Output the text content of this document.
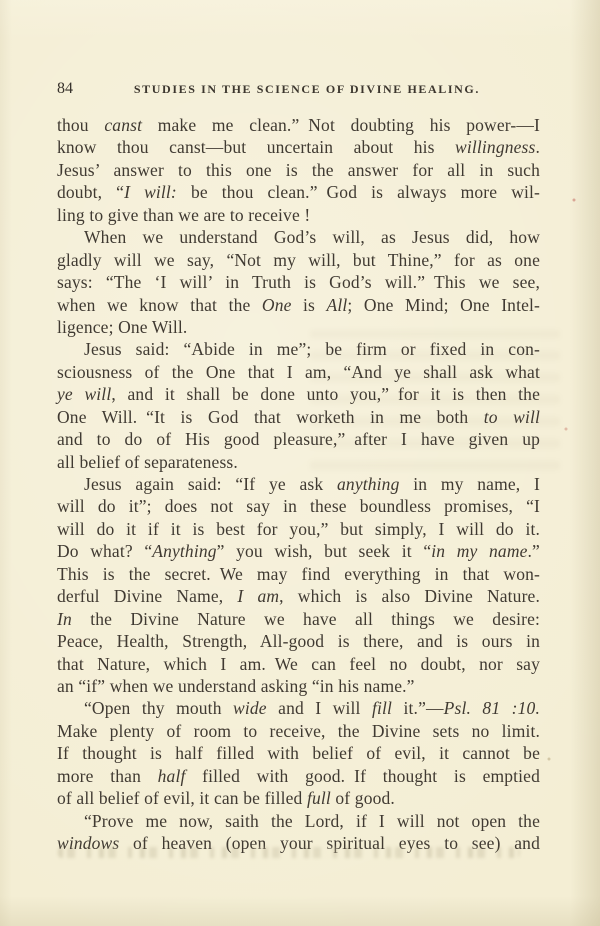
84	STUDIES IN THE SCIENCE OF DIVINE HEALING.
thou canst make me clean.” Not doubting his power-—I
know thou canst—but uncertain about his willingness.
Jesus’ answer to this one is the answer for all in such
doubt, “I will: be thou clean.” God is always more wil-
ling to give than we are to receive !
When we understand God’s will, as Jesus did, how
gladly will we say, “Not my will, but Thine,” for as one
says: “The ‘I will’ in Truth is God’s will.” This we see,
when we know that the One is All; One Mind; One Intel-
ligence; One Will.
Jesus said: “Abide in me”; be firm or fixed in con-
sciousness of the One that I am, “And ye shall ask what
ye will, and it shall be done unto you,” for it is then the
One Will. “It is God that worketh in me both to will
and to do of His good pleasure,” after I have given up
all belief of separateness.
Jesus again said: “If ye ask anything in my name, I
will do it”; does not say in these boundless promises, “I
will do it if it is best for you,” but simply, I will do it.
Do what? “Anything” you wish, but seek it “in my name.”
This is the secret. We may find everything in that won-
derful Divine Name, I am, which is also Divine Nature.
In the Divine Nature we have all things we desire:
Peace, Health, Strength, All-good is there, and is ours in
that Nature, which I am. We can feel no doubt, nor say
an “if” when we understand asking “in his name.”
“Open thy mouth wide and I will fill it.”—Psl. 81 :10.
Make plenty of room to receive, the Divine sets no limit.
If thought is half filled with belief of evil, it cannot be
more than half filled with good. If thought is emptied
of all belief of evil, it can be filled full of good.
“Prove me now, saith the Lord, if I will not open the
windows of heaven (open your spiritual eyes to see) and
